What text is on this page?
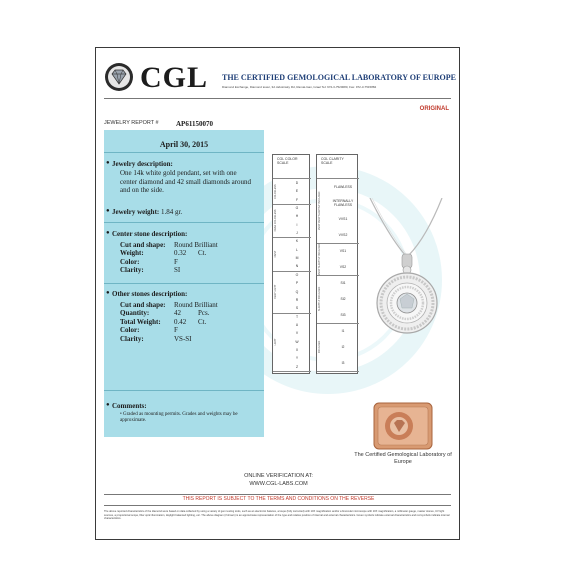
CGL THE CERTIFIED GEMOLOGICAL LABORATORY OF EUROPE
Diamond Exchange, Diamond tower, 3A Jabotinsky Rd, Ramat-Gan, Israel Tel: 972-3-7520080, Fax: 972-3-7515884
ORIGINAL
JEWELRY REPORT # AP61150070
April 30, 2015
● Jewelry description:
One 14k white gold pendant, set with one center diamond and 42 small diamonds around and on the side.
● Jewelry weight: 1.84 gr.
● Center stone description:
Cut and shape: Round Brilliant
Weight:	0.32 Ct.
Color:	F
Clarity:	SI
● Other stones description:
Cut and shape: Round Brilliant
Quantity:	42 Pcs.
Total Weight: 0.42 Ct.
Color:	F
Clarity:	VS-SI
● Comments:
• Graded as mounting permits. Grades and weights may be approximate.
CGL COLOR SCALE
D
E
F
G
H
I
J
K
L
M
N
O
P
Q
R
S
T
U
V
W
X
Y
Z
COLORLESS
NEAR COLORLESS
FAINT
VERY LIGHT
LIGHT
CGL CLARITY SCALE
FLAWLESS
INTERNALLY FLAWLESS
VVS1
VVS2
VS1
VS2
SI1
SI2
SI3
I1
I2
I3
VERY VERY SLIGHTLY INCLUDED
VERY SLIGHTLY INCLUDED
SLIGHTLY INCLUDED
INCLUDED
The Certified Gemological Laboratory of Europe
ONLINE VERIFICATION AT:
WWW.CGL-LABS.COM
THIS REPORT IS SUBJECT TO THE TERMS AND CONDITIONS ON THE REVERSE
The above reported characteristics of the diamond were based on data collected by using a variety of gem testing tools, such as an electronic balance, a loupe (fully corrected) with 10X magnification and/or a binocular microscope with 10X magnification, a millimeter gauge, master stones, UV light sources, a proportional scope, fiber optic illumination, daylight balanced lighting, etc. The above diagram (if shown) is an approximate representation of the type and relative position of internal and external characteristics. Green symbols indicate external characteristics and red symbols indicate internal characteristics.
